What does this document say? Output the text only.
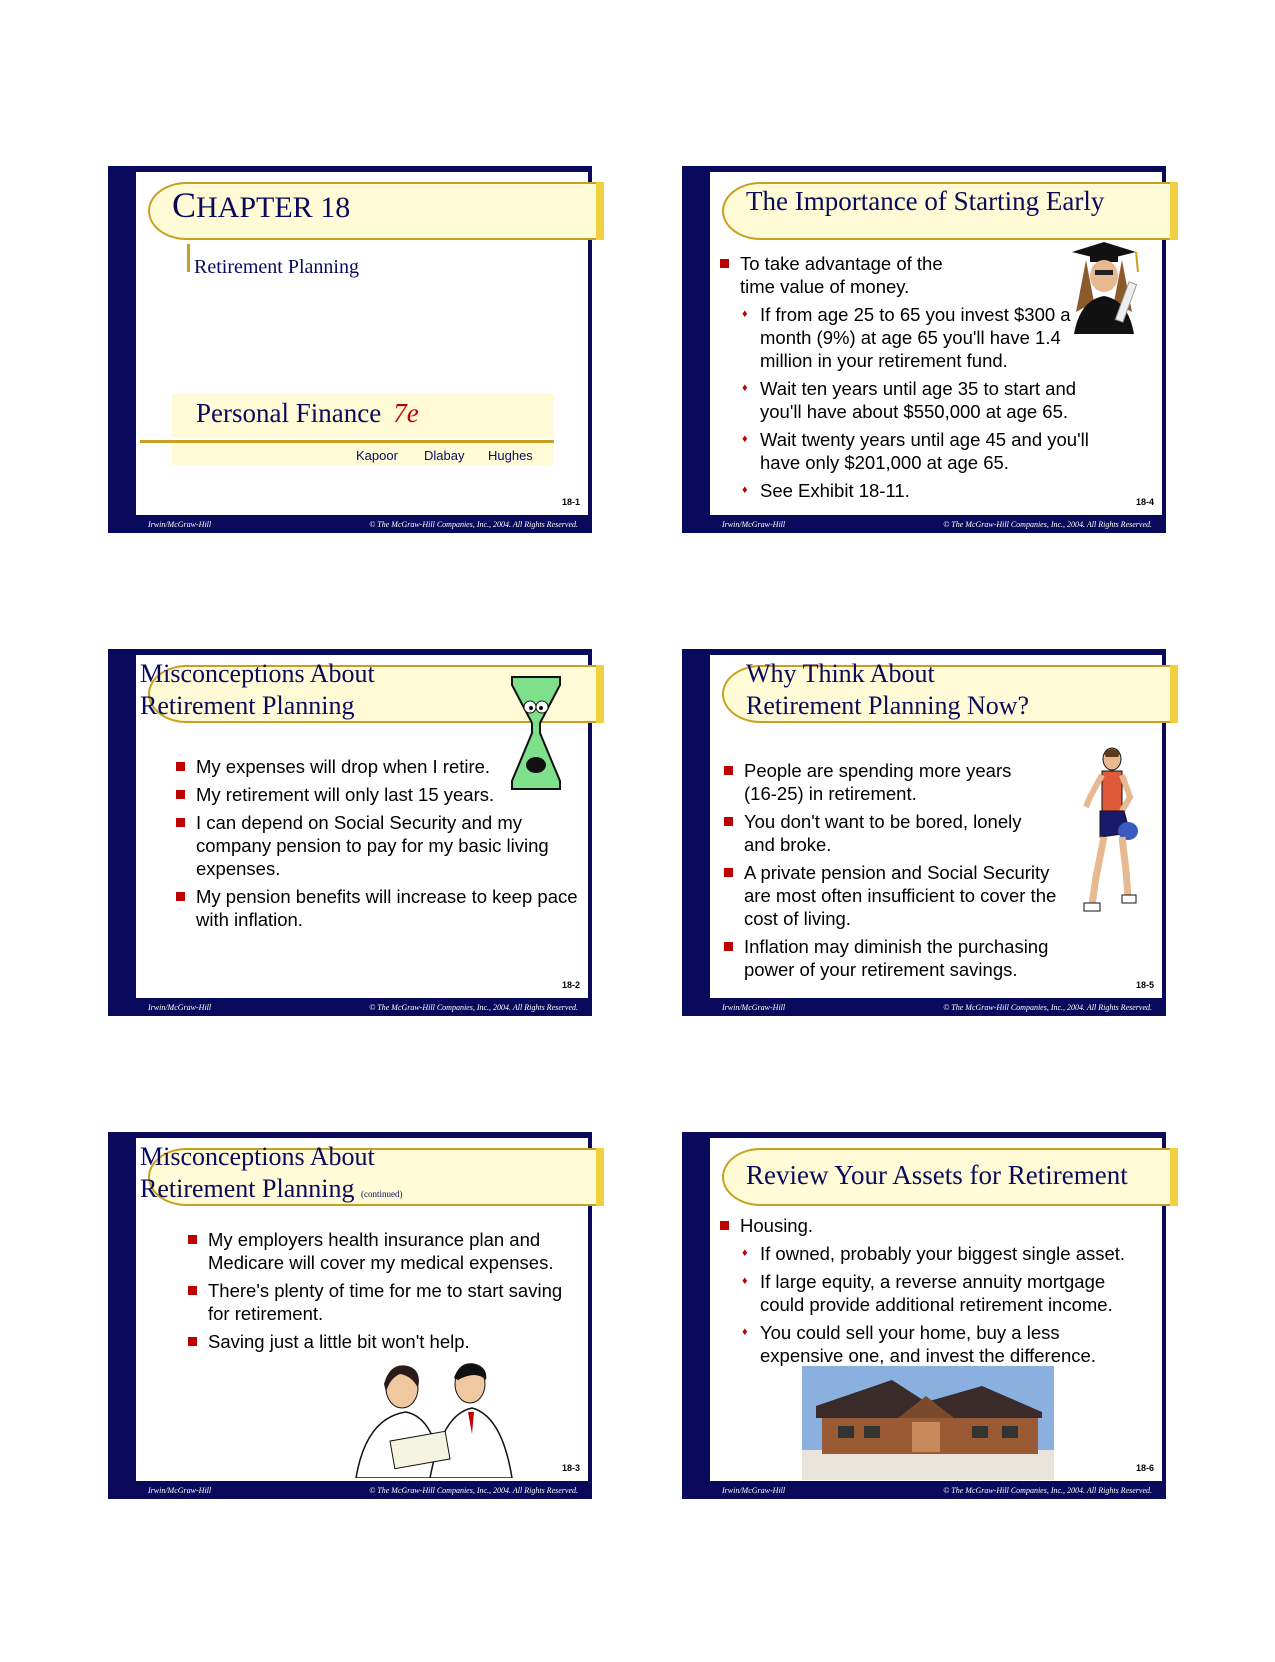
CHAPTER 18
Retirement Planning
Personal Finance 7e
Kapoor Dlabay Hughes
18-1
Irwin/McGraw-Hill	© The McGraw-Hill Companies, Inc., 2004. All Rights Reserved.
The Importance of Starting Early
To take advantage of the time value of money.
♦ If from age 25 to 65 you invest $300 a month (9%) at age 65 you'll have 1.4 million in your retirement fund.
♦ Wait ten years until age 35 to start and you'll have about $550,000 at age 65.
♦ Wait twenty years until age 45 and you'll have only $201,000 at age 65.
♦ See Exhibit 18-11.
18-4
Irwin/McGraw-Hill	© The McGraw-Hill Companies, Inc., 2004. All Rights Reserved.
Misconceptions About
Retirement Planning
My expenses will drop when I retire.
My retirement will only last 15 years.
I can depend on Social Security and my company pension to pay for my basic living expenses.
My pension benefits will increase to keep pace with inflation.
18-2
Irwin/McGraw-Hill	© The McGraw-Hill Companies, Inc., 2004. All Rights Reserved.
Why Think About
Retirement Planning Now?
People are spending more years (16-25) in retirement.
You don't want to be bored, lonely and broke.
A private pension and Social Security are most often insufficient to cover the cost of living.
Inflation may diminish the purchasing power of your retirement savings.
18-5
Irwin/McGraw-Hill	© The McGraw-Hill Companies, Inc., 2004. All Rights Reserved.
Misconceptions About
Retirement Planning (continued)
My employers health insurance plan and Medicare will cover my medical expenses.
There's plenty of time for me to start saving for retirement.
Saving just a little bit won't help.
18-3
Irwin/McGraw-Hill	© The McGraw-Hill Companies, Inc., 2004. All Rights Reserved.
Review Your Assets for Retirement
Housing.
♦ If owned, probably your biggest single asset.
♦ If large equity, a reverse annuity mortgage could provide additional retirement income.
♦ You could sell your home, buy a less expensive one, and invest the difference.
18-6
Irwin/McGraw-Hill	© The McGraw-Hill Companies, Inc., 2004. All Rights Reserved.
